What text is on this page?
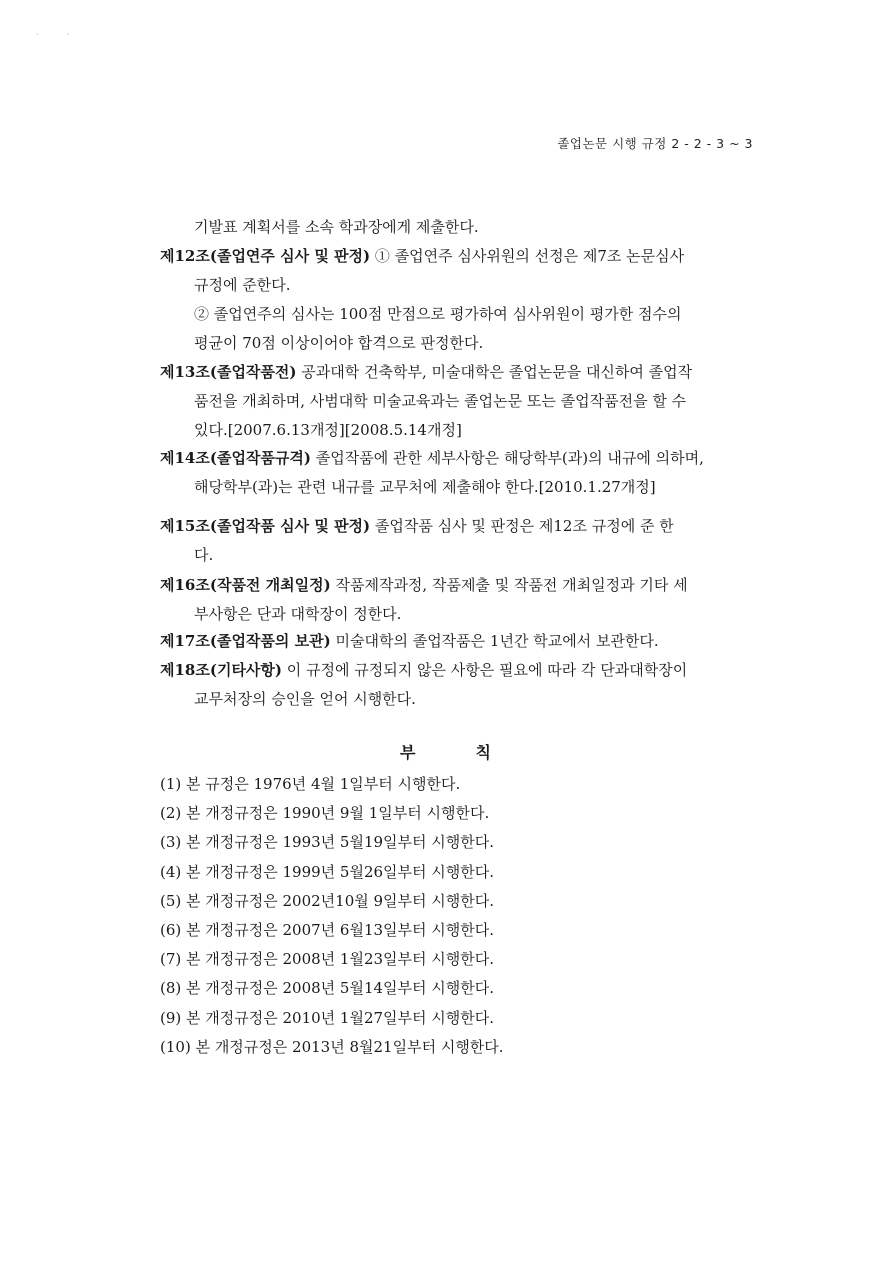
·           ·
졸업논문 시행 규정 2 - 2 - 3 ~ 3
기발표 계획서를 소속 학과장에게 제출한다.
제12조(졸업연주 심사 및 판정) ① 졸업연주 심사위원의 선정은 제7조 논문심사
규정에 준한다.
② 졸업연주의 심사는 100점 만점으로 평가하여 심사위원이 평가한 점수의
평균이 70점 이상이어야 합격으로 판정한다.
제13조(졸업작품전) 공과대학 건축학부, 미술대학은 졸업논문을 대신하여 졸업작
품전을 개최하며, 사범대학 미술교육과는 졸업논문 또는 졸업작품전을 할 수
있다.[2007.6.13개정][2008.5.14개정]
제14조(졸업작품규격) 졸업작품에 관한 세부사항은 해당학부(과)의 내규에 의하며,
해당학부(과)는 관련 내규를 교무처에 제출해야 한다.[2010.1.27개정]
제15조(졸업작품 심사 및 판정) 졸업작품 심사 및 판정은 제12조 규정에 준 한
다.
제16조(작품전 개최일정) 작품제작과정, 작품제출 및 작품전 개최일정과 기타 세
부사항은 단과 대학장이 정한다.
제17조(졸업작품의 보관) 미술대학의 졸업작품은 1년간 학교에서 보관한다.
제18조(기타사항) 이 규정에 규정되지 않은 사항은 필요에 따라 각 단과대학장이
교무처장의 승인을 얻어 시행한다.
부칙
(1) 본 규정은 1976년 4월 1일부터 시행한다.
(2) 본 개정규정은 1990년 9월 1일부터 시행한다.
(3) 본 개정규정은 1993년 5월19일부터 시행한다.
(4) 본 개정규정은 1999년 5월26일부터 시행한다.
(5) 본 개정규정은 2002년10월 9일부터 시행한다.
(6) 본 개정규정은 2007년 6월13일부터 시행한다.
(7) 본 개정규정은 2008년 1월23일부터 시행한다.
(8) 본 개정규정은 2008년 5월14일부터 시행한다.
(9) 본 개정규정은 2010년 1월27일부터 시행한다.
(10) 본 개정규정은 2013년 8월21일부터 시행한다.
